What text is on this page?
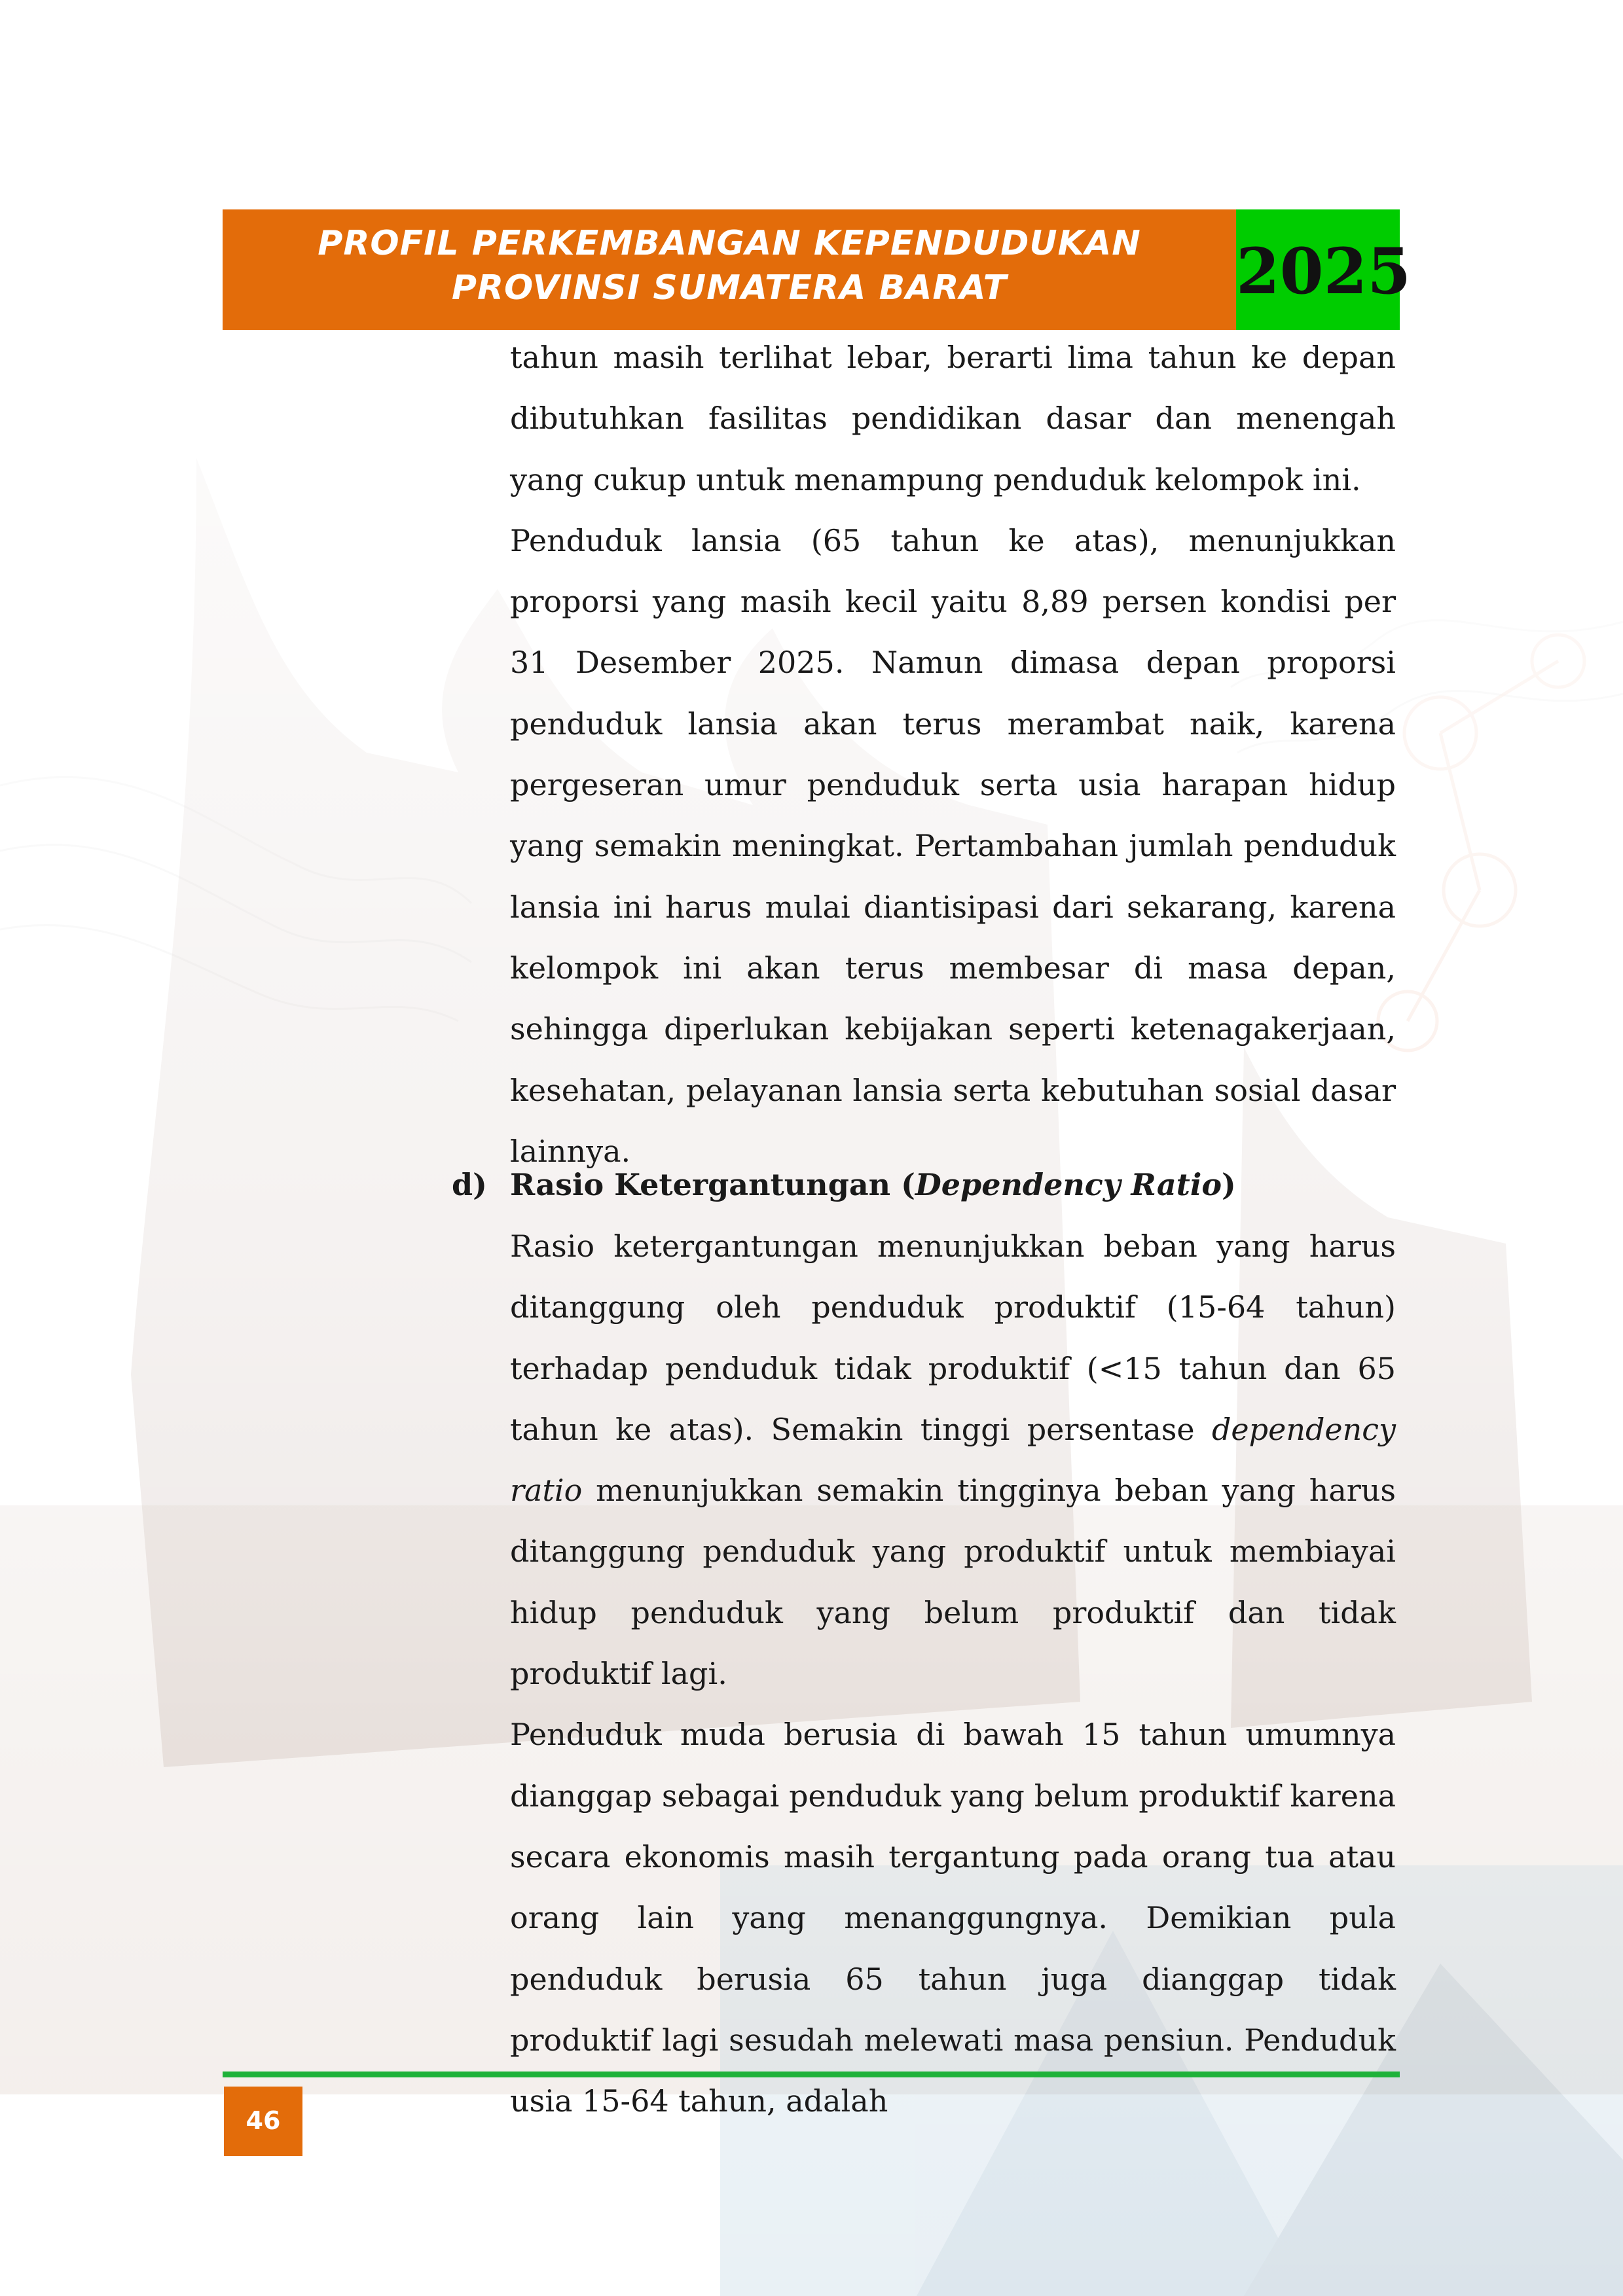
PROFIL PERKEMBANGAN KEPENDUDUKAN
PROVINSI SUMATERA BARAT	2025

tahun masih terlihat lebar, berarti lima tahun ke depan dibutuhkan fasilitas pendidikan dasar dan menengah yang cukup untuk menampung penduduk kelompok ini.

Penduduk lansia (65 tahun ke atas), menunjukkan proporsi yang masih kecil yaitu 8,89 persen kondisi per 31 Desember 2025. Namun dimasa depan proporsi penduduk lansia akan terus merambat naik, karena pergeseran umur penduduk serta usia harapan hidup yang semakin meningkat. Pertambahan jumlah penduduk lansia ini harus mulai diantisipasi dari sekarang, karena kelompok ini akan terus membesar di masa depan, sehingga diperlukan kebijakan seperti ketenagakerjaan, kesehatan, pelayanan lansia serta kebutuhan sosial dasar lainnya.

d) Rasio Ketergantungan (Dependency Ratio)

Rasio ketergantungan menunjukkan beban yang harus ditanggung oleh penduduk produktif (15-64 tahun) terhadap penduduk tidak produktif (<15 tahun dan 65 tahun ke atas). Semakin tinggi persentase dependency ratio menunjukkan semakin tingginya beban yang harus ditanggung penduduk yang produktif untuk membiayai hidup penduduk yang belum produktif dan tidak produktif lagi.

Penduduk muda berusia di bawah 15 tahun umumnya dianggap sebagai penduduk yang belum produktif karena secara ekonomis masih tergantung pada orang tua atau orang lain yang menanggungnya. Demikian pula penduduk berusia 65 tahun juga dianggap tidak produktif lagi sesudah melewati masa pensiun. Penduduk usia 15-64 tahun, adalah

46
